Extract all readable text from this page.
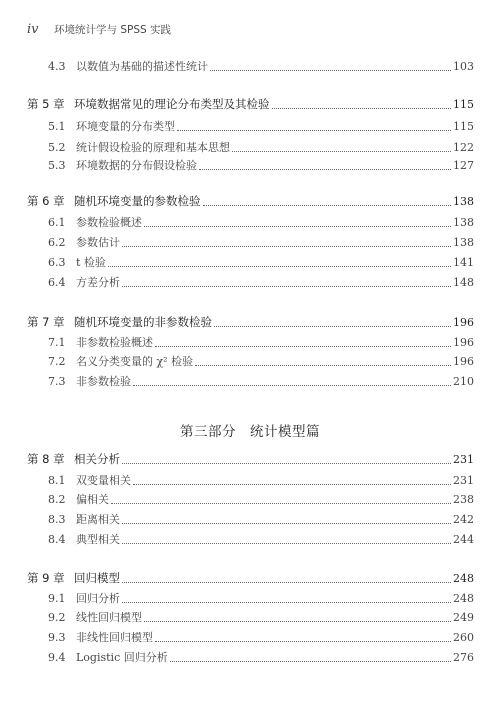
iv 环境统计学与 SPSS 实践
第三部分 统计模型篇
4.3 以数值为基础的描述性统计	103
第 5 章 环境数据常见的理论分布类型及其检验	115
5.1 环境变量的分布类型	115
5.2 统计假设检验的原理和基本思想	122
5.3 环境数据的分布假设检验	127
第 6 章 随机环境变量的参数检验	138
6.1 参数检验概述	138
6.2 参数估计	138
6.3 t 检验	141
6.4 方差分析	148
第 7 章 随机环境变量的非参数检验	196
7.1 非参数检验概述	196
7.2 名义分类变量的 χ² 检验	196
7.3 非参数检验	210
第 8 章 相关分析	231
8.1 双变量相关	231
8.2 偏相关	238
8.3 距离相关	242
8.4 典型相关	244
第 9 章 回归模型	248
9.1 回归分析	248
9.2 线性回归模型	249
9.3 非线性回归模型	260
9.4 Logistic 回归分析	276
